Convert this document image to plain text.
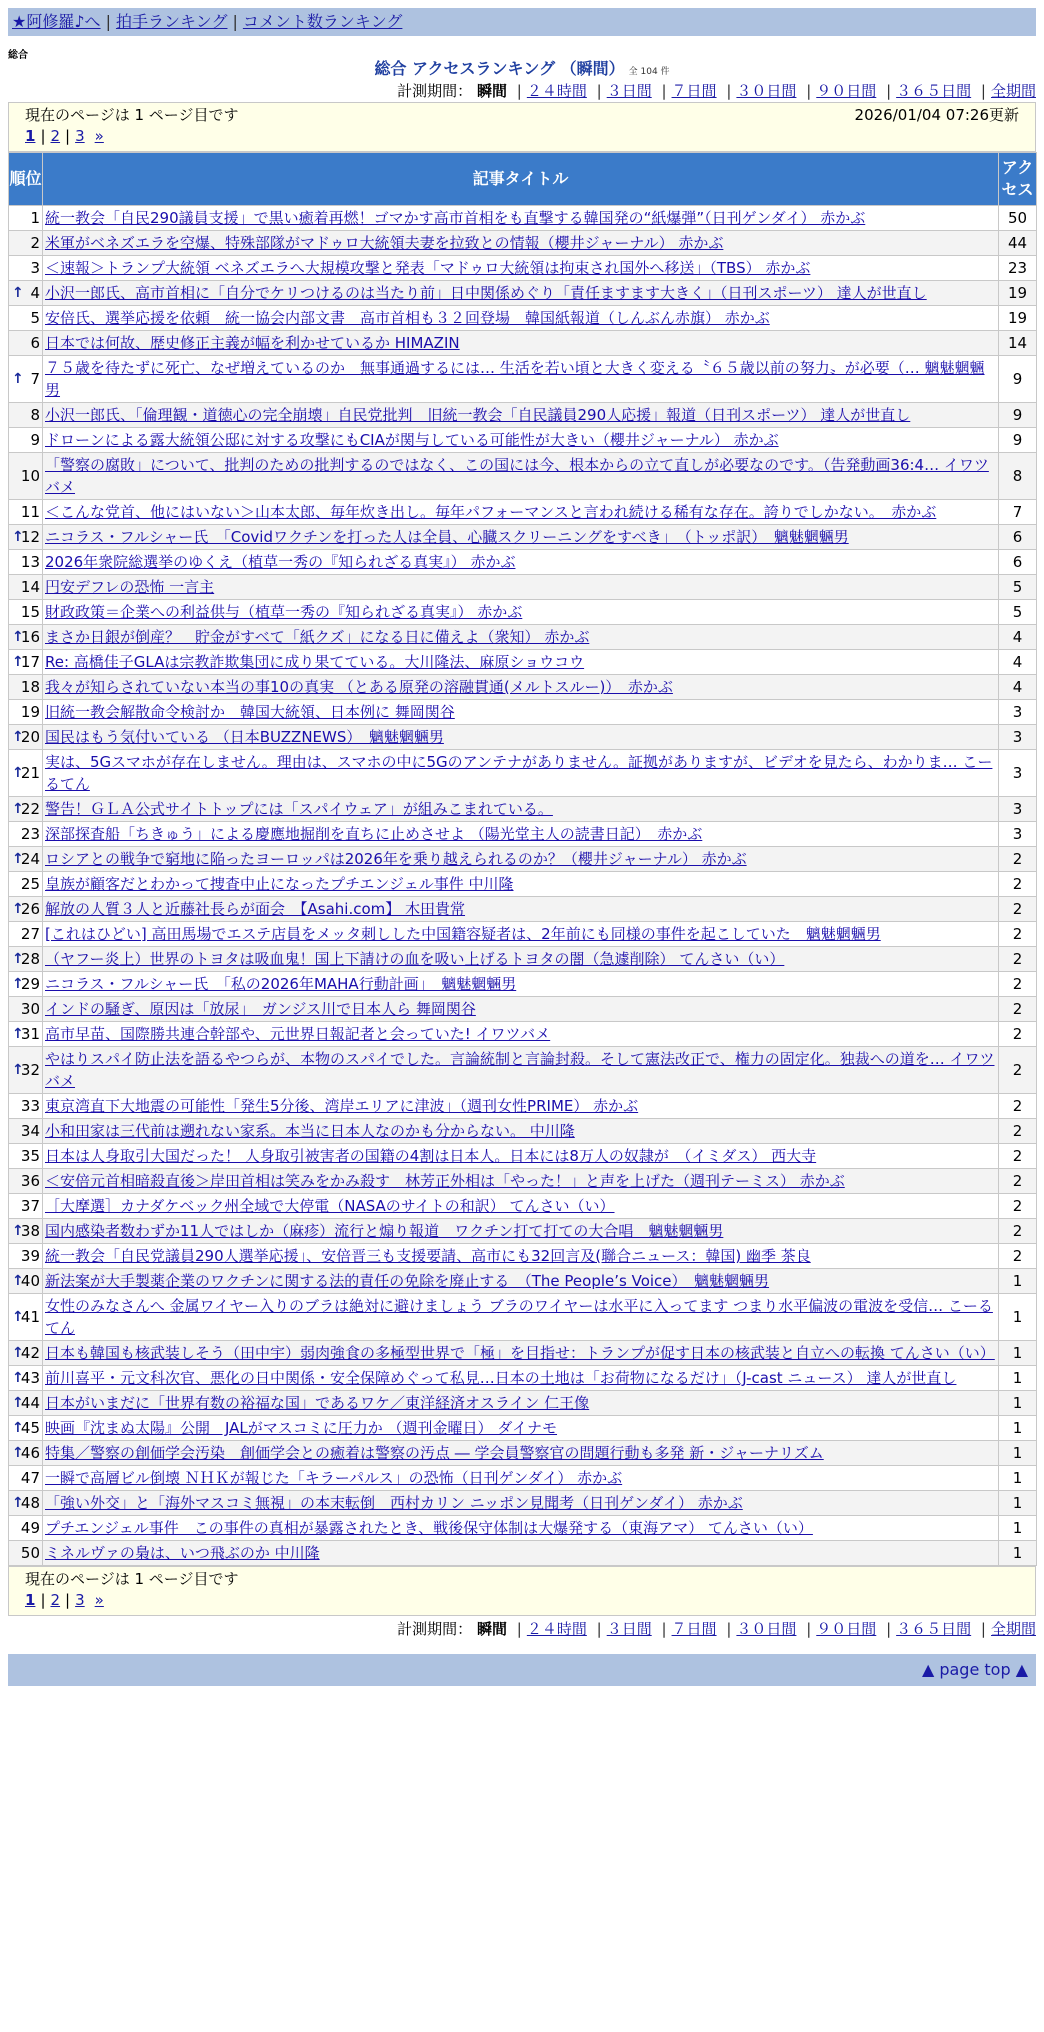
★阿修羅♪へ | 拍手ランキング | コメント数ランキング
総合
総合 アクセスランキング （瞬間） 全 104 件
計測期間： 瞬間 | ２４時間 | ３日間 | ７日間 | ３０日間 | ９０日間 | ３６５日間 | 全期間
現在のページは 1 ページ目です	2026/01/04 07:26更新
1 | 2 | 3 »
順位	記事タイトル	アクセス
1	統一教会「自民290議員支援」で黒い癒着再燃！ゴマかす高市首相をも直撃する韓国発の“紙爆弾”（日刊ゲンダイ） 赤かぶ	50
2	米軍がベネズエラを空爆、特殊部隊がマドゥロ大統領夫妻を拉致との情報（櫻井ジャーナル） 赤かぶ	44
3	＜速報＞トランプ大統領 ベネズエラへ大規模攻撃と発表「マドゥロ大統領は拘束され国外へ移送」（TBS） 赤かぶ	23

↑ 4	小沢一郎氏、高市首相に「自分でケリつけるのは当たり前」日中関係めぐり「責任ますます大きく」（日刊スポーツ） 達人が世直し	19
5	安倍氏、選挙応援を依頼　統一協会内部文書　高市首相も３２回登場　韓国紙報道（しんぶん赤旗） 赤かぶ	19
6	日本では何故、歴史修正主義が幅を利かせているか HIMAZIN	14

↑ 7	７５歳を待たずに死亡、なぜ増えているのか　無事通過するには… 生活を若い頃と大きく変える〝６５歳以前の努力〟が必要（… 魑魅魍魎男	9
8	小沢一郎氏、「倫理観・道徳心の完全崩壊」自民党批判　旧統一教会「自民議員290人応援」報道（日刊スポーツ） 達人が世直し	9
9	ドローンによる露大統領公邸に対する攻撃にもCIAが関与している可能性が大きい（櫻井ジャーナル） 赤かぶ	9
10	「警察の腐敗」について、批判のための批判するのではなく、この国には今、根本からの立て直しが必要なのです。（告発動画36:4… イワツバメ	8
11	＜こんな党首、他にはいない＞山本太郎、毎年炊き出し。毎年パフォーマンスと言われ続ける稀有な存在。誇りでしかない。　赤かぶ	7

↑
12	ニコラス・フルシャー氏　「Covidワクチンを打った人は全員、心臓スクリーニングをすべき」　（トッポ訳）　魑魅魍魎男	6
13	2026年衆院総選挙のゆくえ（植草一秀の『知られざる真実』） 赤かぶ	6
14	円安デフレの恐怖 一言主	5
15	財政政策＝企業への利益供与（植草一秀の『知られざる真実』） 赤かぶ	5

↑
16	まさか日銀が倒産？　貯金がすべて「紙クズ」になる日に備えよ（衆知） 赤かぶ	4

↑
17	Re: 高橋佳子GLAは宗教詐欺集団に成り果てている。大川隆法、麻原ショウコウ	4
18	我々が知らされていない本当の事10の真実 （とある原発の溶融貫通(メルトスルー)）　赤かぶ	4
19	旧統一教会解散命令検討か　韓国大統領、日本例に 舞岡関谷	3

↑
20	国民はもう気付いている （日本BUZZNEWS）　魑魅魍魎男	3

↑
21	実は、5Gスマホが存在しません。理由は、スマホの中に5Gのアンテナがありません。証拠がありますが、ビデオを見たら、わかりま… こーるてん	3

↑
22	警告！ＧＬＡ公式サイトトップには「スパイウェア」が組みこまれている。	3
23	深部探査船「ちきゅう」による慶應地掘削を直ちに止めさせよ （陽光堂主人の読書日記）　赤かぶ	3

↑
24	ロシアとの戦争で窮地に陥ったヨーロッパは2026年を乗り越えられるのか？（櫻井ジャーナル） 赤かぶ	2
25	皇族が顧客だとわかって捜査中止になったプチエンジェル事件 中川隆	2

↑
26	解放の人質３人と近藤社長らが面会　【Asahi.com】 木田貴常	2
27	[これはひどい] 高田馬場でエステ店員をメッタ刺しした中国籍容疑者は、2年前にも同様の事件を起こしていた　魑魅魍魎男	2

↑
28	（ヤフー炎上）世界のトヨタは吸血鬼！国上下請けの血を吸い上げるトヨタの闇（急遽削除） てんさい（い）	2

↑
29	ニコラス・フルシャー氏　「私の2026年MAHA行動計画」　魑魅魍魎男	2
30	インドの騒ぎ、原因は「放尿」　ガンジス川で日本人ら 舞岡関谷	2

↑
31	高市早苗、国際勝共連合幹部や、元世界日報記者と会っていた! イワツバメ	2

↑
32	やはりスパイ防止法を語るやつらが、本物のスパイでした。言論統制と言論封殺。そして憲法改正で、権力の固定化。独裁への道を… イワツバメ	2
33	東京湾直下大地震の可能性「発生5分後、湾岸エリアに津波」（週刊女性PRIME） 赤かぶ	2
34	小和田家は三代前は遡れない家系。本当に日本人なのかも分からない。 中川隆	2
35	日本は人身取引大国だった！ 人身取引被害者の国籍の4割は日本人。日本には8万人の奴隷が　（イミダス） 西大寺	2
36	＜安倍元首相暗殺直後＞岸田首相は笑みをかみ殺す　林芳正外相は「やった！」と声を上げた（週刊テーミス） 赤かぶ	2
37	［大摩選］カナダケベック州全域で大停電（NASAのサイトの和訳） てんさい（い）	2

↑
38	国内感染者数わずか11人ではしか（麻疹）流行と煽り報道　ワクチン打て打ての大合唱　魑魅魍魎男	2
39	統一教会「自民党議員290人選挙応援」、安倍晋三も支援要請、高市にも32回言及(聯合ニュース：韓国) 幽季 茶良	2

↑
40	新法案が大手製薬企業のワクチンに関する法的責任の免除を廃止する　（The People’s Voice）　魑魅魍魎男	1

↑
41	女性のみなさんへ 金属ワイヤー入りのブラは絶対に避けましょう ブラのワイヤーは水平に入ってます つまり水平偏波の電波を受信… こーるてん	1

↑
42	日本も韓国も核武装しそう（田中宇）弱肉強食の多極型世界で「極」を目指せ：トランプが促す日本の核武装と自立への転換 てんさい（い）	1

↑
43	前川喜平・元文科次官、悪化の日中関係・安全保障めぐって私見…日本の土地は「お荷物になるだけ」（J-cast ニュース） 達人が世直し	1

↑
44	日本がいまだに「世界有数の裕福な国」であるワケ／東洋経済オスライン 仁王像	1

↑
45	映画『沈まぬ太陽』公開　JALがマスコミに圧力か （週刊金曜日） ダイナモ	1

↑
46	特集／警察の創価学会汚染　創価学会との癒着は警察の汚点 ― 学会員警察官の問題行動も多発 新・ジャーナリズム	1
47	一瞬で高層ビル倒壊 ＮＨＫが報じた「キラーパルス」の恐怖（日刊ゲンダイ） 赤かぶ	1

↑
48	「強い外交」と「海外マスコミ無視」の本末転倒　西村カリン ニッポン見聞考（日刊ゲンダイ） 赤かぶ	1
49	プチエンジェル事件　この事件の真相が暴露されたとき、戦後保守体制は大爆発する（東海アマ） てんさい（い）	1
50	ミネルヴァの梟は、いつ飛ぶのか 中川隆	1
現在のページは 1 ページ目です
1 | 2 | 3 »
計測期間： 瞬間 | ２４時間 | ３日間 | ７日間 | ３０日間 | ９０日間 | ３６５日間 | 全期間
▲ page top ▲
